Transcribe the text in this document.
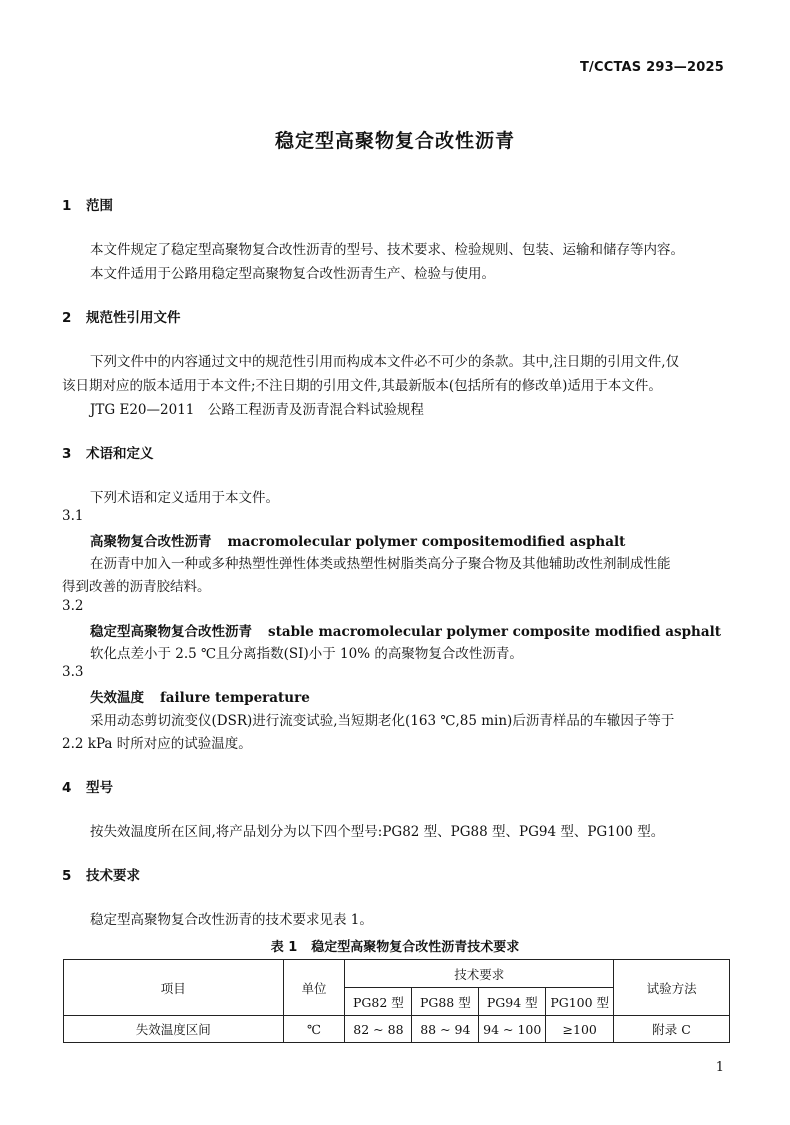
T/CCTAS 293—2025
稳定型高聚物复合改性沥青
1 范围
本文件规定了稳定型高聚物复合改性沥青的型号、技术要求、检验规则、包装、运输和储存等内容。
本文件适用于公路用稳定型高聚物复合改性沥青生产、检验与使用。
2 规范性引用文件
下列文件中的内容通过文中的规范性引用而构成本文件必不可少的条款。其中,注日期的引用文件,仅
该日期对应的版本适用于本文件;不注日期的引用文件,其最新版本(包括所有的修改单)适用于本文件。
JTG E20—2011　公路工程沥青及沥青混合料试验规程
3 术语和定义
下列术语和定义适用于本文件。
3.1
高聚物复合改性沥青 macromolecular polymer compositemodified asphalt
在沥青中加入一种或多种热塑性弹性体类或热塑性树脂类高分子聚合物及其他辅助改性剂制成性能
得到改善的沥青胶结料。
3.2
稳定型高聚物复合改性沥青 stable macromolecular polymer composite modified asphalt
软化点差小于 2.5 ℃且分离指数(SI)小于 10% 的高聚物复合改性沥青。
3.3
失效温度 failure temperature
采用动态剪切流变仪(DSR)进行流变试验,当短期老化(163 ℃,85 min)后沥青样品的车辙因子等于
2.2 kPa 时所对应的试验温度。
4 型号
按失效温度所在区间,将产品划分为以下四个型号:PG82 型、PG88 型、PG94 型、PG100 型。
5 技术要求
稳定型高聚物复合改性沥青的技术要求见表 1。
表 1 稳定型高聚物复合改性沥青技术要求
项目	单位	技术要求				试验方法
		PG82 型	PG88 型	PG94 型	PG100 型	
失效温度区间	℃	82 ~ 88	88 ~ 94	94 ~ 100	≥100	附录 C
1
